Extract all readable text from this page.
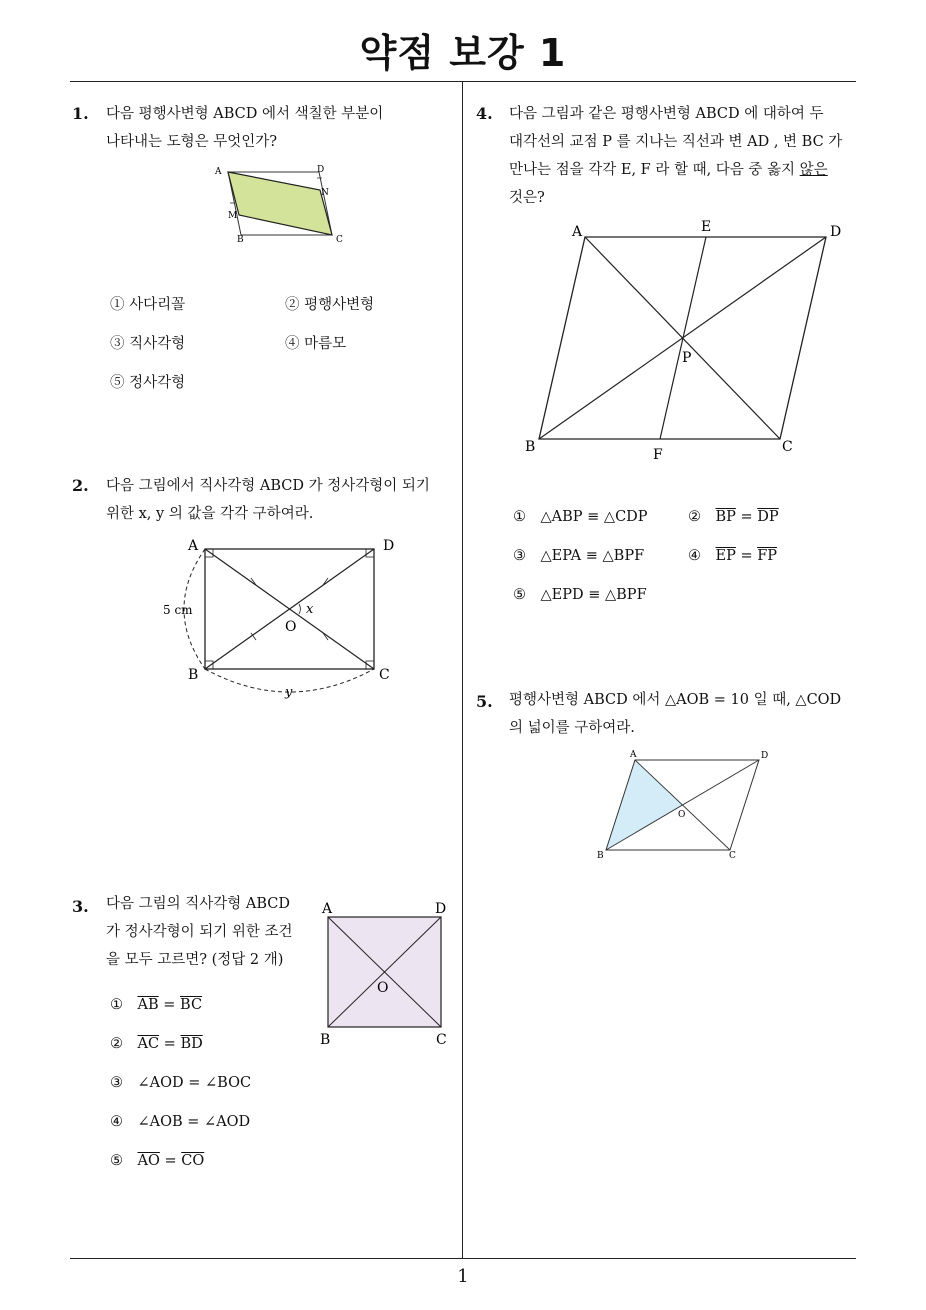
약점 보강 1
1. 다음 평행사변형 ABCD 에서 색칠한 부분이

나타내는 도형은 무엇인가?

A	D
N
M
B	C
① 사다리꼴	② 평행사변형
③ 직사각형	④ 마름모
⑤ 정사각형
2. 다음 그림에서 직사각형 ABCD 가 정사각형이 되기

위한 x, y 의 값을 각각 구하여라.

A	D
B	C
O
x
y
5 cm
3. 다음 그림의 직사각형 ABCD

가 정사각형이 되기 위한 조건

을 모두 고르면? (정답 2 개)

A	D
B	C
O
①  $\overline{AB} = \overline{BC}$
②  $\overline{AC} = \overline{BD}$
③  ∠AOD = ∠BOC
④  ∠AOB = ∠AOD
⑤  $\overline{AO} = \overline{CO}$
4. 다음 그림과 같은 평행사변형 ABCD 에 대하여 두

대각선의 교점 P 를 지나는 직선과 변 AD , 변 BC 가

만나는 점을 각각 E, F 라 할 때, 다음 중 옳지 않은

것은?

A	E	D
P
B	F	C
①  △ABP ≡ △CDP	②  $\overline{BP} = \overline{DP}$
③  △EPA ≡ △BPF	④  $\overline{EP} = \overline{FP}$
⑤  △EPD ≡ △BPF
5. 평행사변형 ABCD 에서 △AOB = 10 일 때, △COD

의 넓이를 구하여라.

A	D
O
B	C
1
